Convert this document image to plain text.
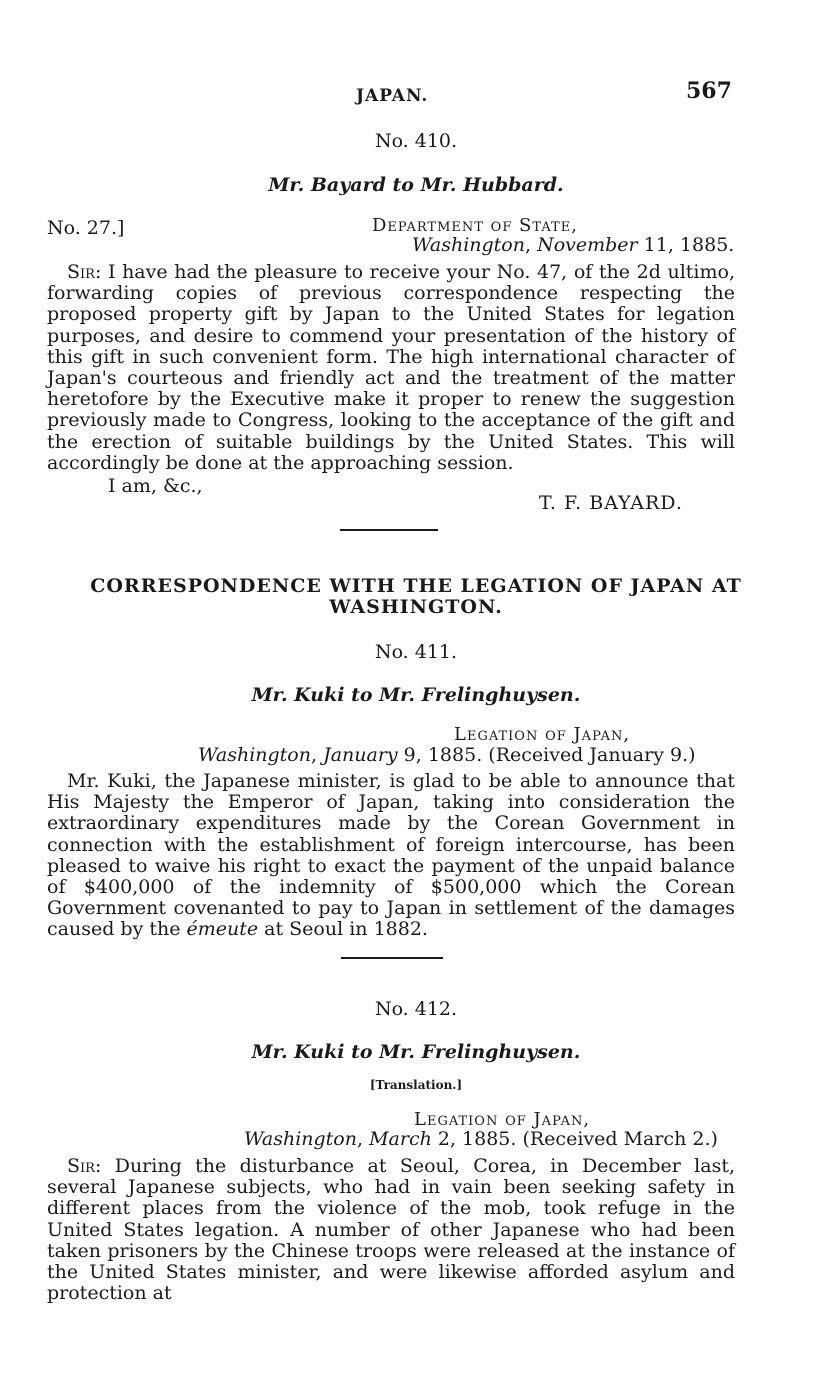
JAPAN.	567
No. 410.
Mr. Bayard to Mr. Hubbard.
No. 27.]	Department of State,
Washington, November 11, 1885.

Sir: I have had the pleasure to receive your No. 47, of the 2d ultimo, forwarding copies of previous correspondence respecting the proposed property gift by Japan to the United States for legation purposes, and desire to commend your presentation of the history of this gift in such convenient form. The high international character of Japan's courteous and friendly act and the treatment of the matter heretofore by the Executive make it proper to renew the suggestion previously made to Congress, looking to the acceptance of the gift and the erection of suitable buildings by the United States. This will accordingly be done at the approaching session.

I am, &c.,
T. F. BAYARD.
CORRESPONDENCE WITH THE LEGATION OF JAPAN AT
WASHINGTON.
No. 411.
Mr. Kuki to Mr. Frelinghuysen.
Legation of Japan,
Washington, January 9, 1885. (Received January 9.)

Mr. Kuki, the Japanese minister, is glad to be able to announce that His Majesty the Emperor of Japan, taking into consideration the extraordinary expenditures made by the Corean Government in connection with the establishment of foreign intercourse, has been pleased to waive his right to exact the payment of the unpaid balance of $400,000 of the indemnity of $500,000 which the Corean Government covenanted to pay to Japan in settlement of the damages caused by the émeute at Seoul in 1882.

No. 412.
Mr. Kuki to Mr. Frelinghuysen.
[Translation.]
Legation of Japan,
Washington, March 2, 1885. (Received March 2.)

Sir: During the disturbance at Seoul, Corea, in December last, several Japanese subjects, who had in vain been seeking safety in different places from the violence of the mob, took refuge in the United States legation. A number of other Japanese who had been taken prisoners by the Chinese troops were released at the instance of the United States minister, and were likewise afforded asylum and protection at
